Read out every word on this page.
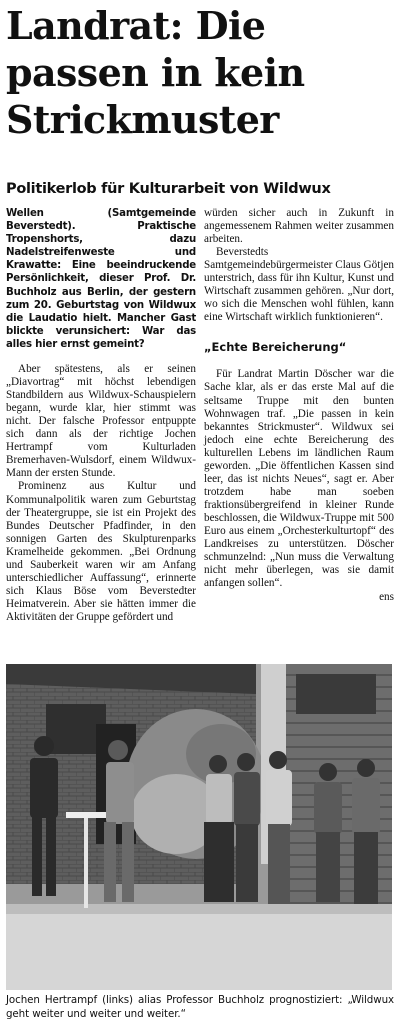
Landrat: Die
passen in kein
Strickmuster
Politikerlob für Kulturarbeit von Wildwux

Wellen (Samtgemeinde Beverstedt). Praktische Tropenshorts, dazu Nadelstreifenweste und Krawatte: Eine beeindruckende Persönlichkeit, dieser Prof. Dr. Buchholz aus Berlin, der gestern zum 20. Geburtstag von Wildwux die Laudatio hielt. Mancher Gast blickte verunsichert: War das alles hier ernst gemeint?

Aber spätestens, als er seinen „Diavortrag“ mit höchst lebendigen Standbildern aus Wildwux-Schauspielern begann, wurde klar, hier stimmt was nicht. Der falsche Professor entpuppte sich dann als der richtige Jochen Hertrampf vom Kulturladen Bremerhaven-Wulsdorf, einem Wildwux-Mann der ersten Stunde.

Prominenz aus Kultur und Kommunalpolitik waren zum Geburtstag der Theatergruppe, sie ist ein Projekt des Bundes Deutscher Pfadfinder, in den sonnigen Garten des Skulpturenparks Kramelheide gekommen. „Bei Ordnung und Sauberkeit waren wir am Anfang unterschiedlicher Auffassung“, erinnerte sich Klaus Böse vom Beverstedter Heimatverein. Aber sie hätten immer die Aktivitäten der Gruppe gefördert und

würden sicher auch in Zukunft in angemessenem Rahmen weiter zusammen arbeiten.

Beverstedts Samtgemeindebürgermeister Claus Götjen unterstrich, dass für ihn Kultur, Kunst und Wirtschaft zusammen gehören. „Nur dort, wo sich die Menschen wohl fühlen, kann eine Wirtschaft wirklich funktionieren“.

„Echte Bereicherung“

Für Landrat Martin Döscher war die Sache klar, als er das erste Mal auf die seltsame Truppe mit den bunten Wohnwagen traf. „Die passen in kein bekanntes Strickmuster“. Wildwux sei jedoch eine echte Bereicherung des kulturellen Lebens im ländlichen Raum geworden. „Die öffentlichen Kassen sind leer, das ist nichts Neues“, sagt er. Aber trotzdem habe man soeben fraktionsübergreifend in kleiner Runde beschlossen, die Wildwux-Truppe mit 500 Euro aus einem „Orchesterkulturtopf“ des Landkreises zu unterstützen. Döscher schmunzelnd: „Nun muss die Verwaltung nicht mehr überlegen, was sie damit anfangen sollen“.

ens

Jochen Hertrampf (links) alias Professor Buchholz prognostiziert: „Wildwux geht weiter und weiter und weiter.“
